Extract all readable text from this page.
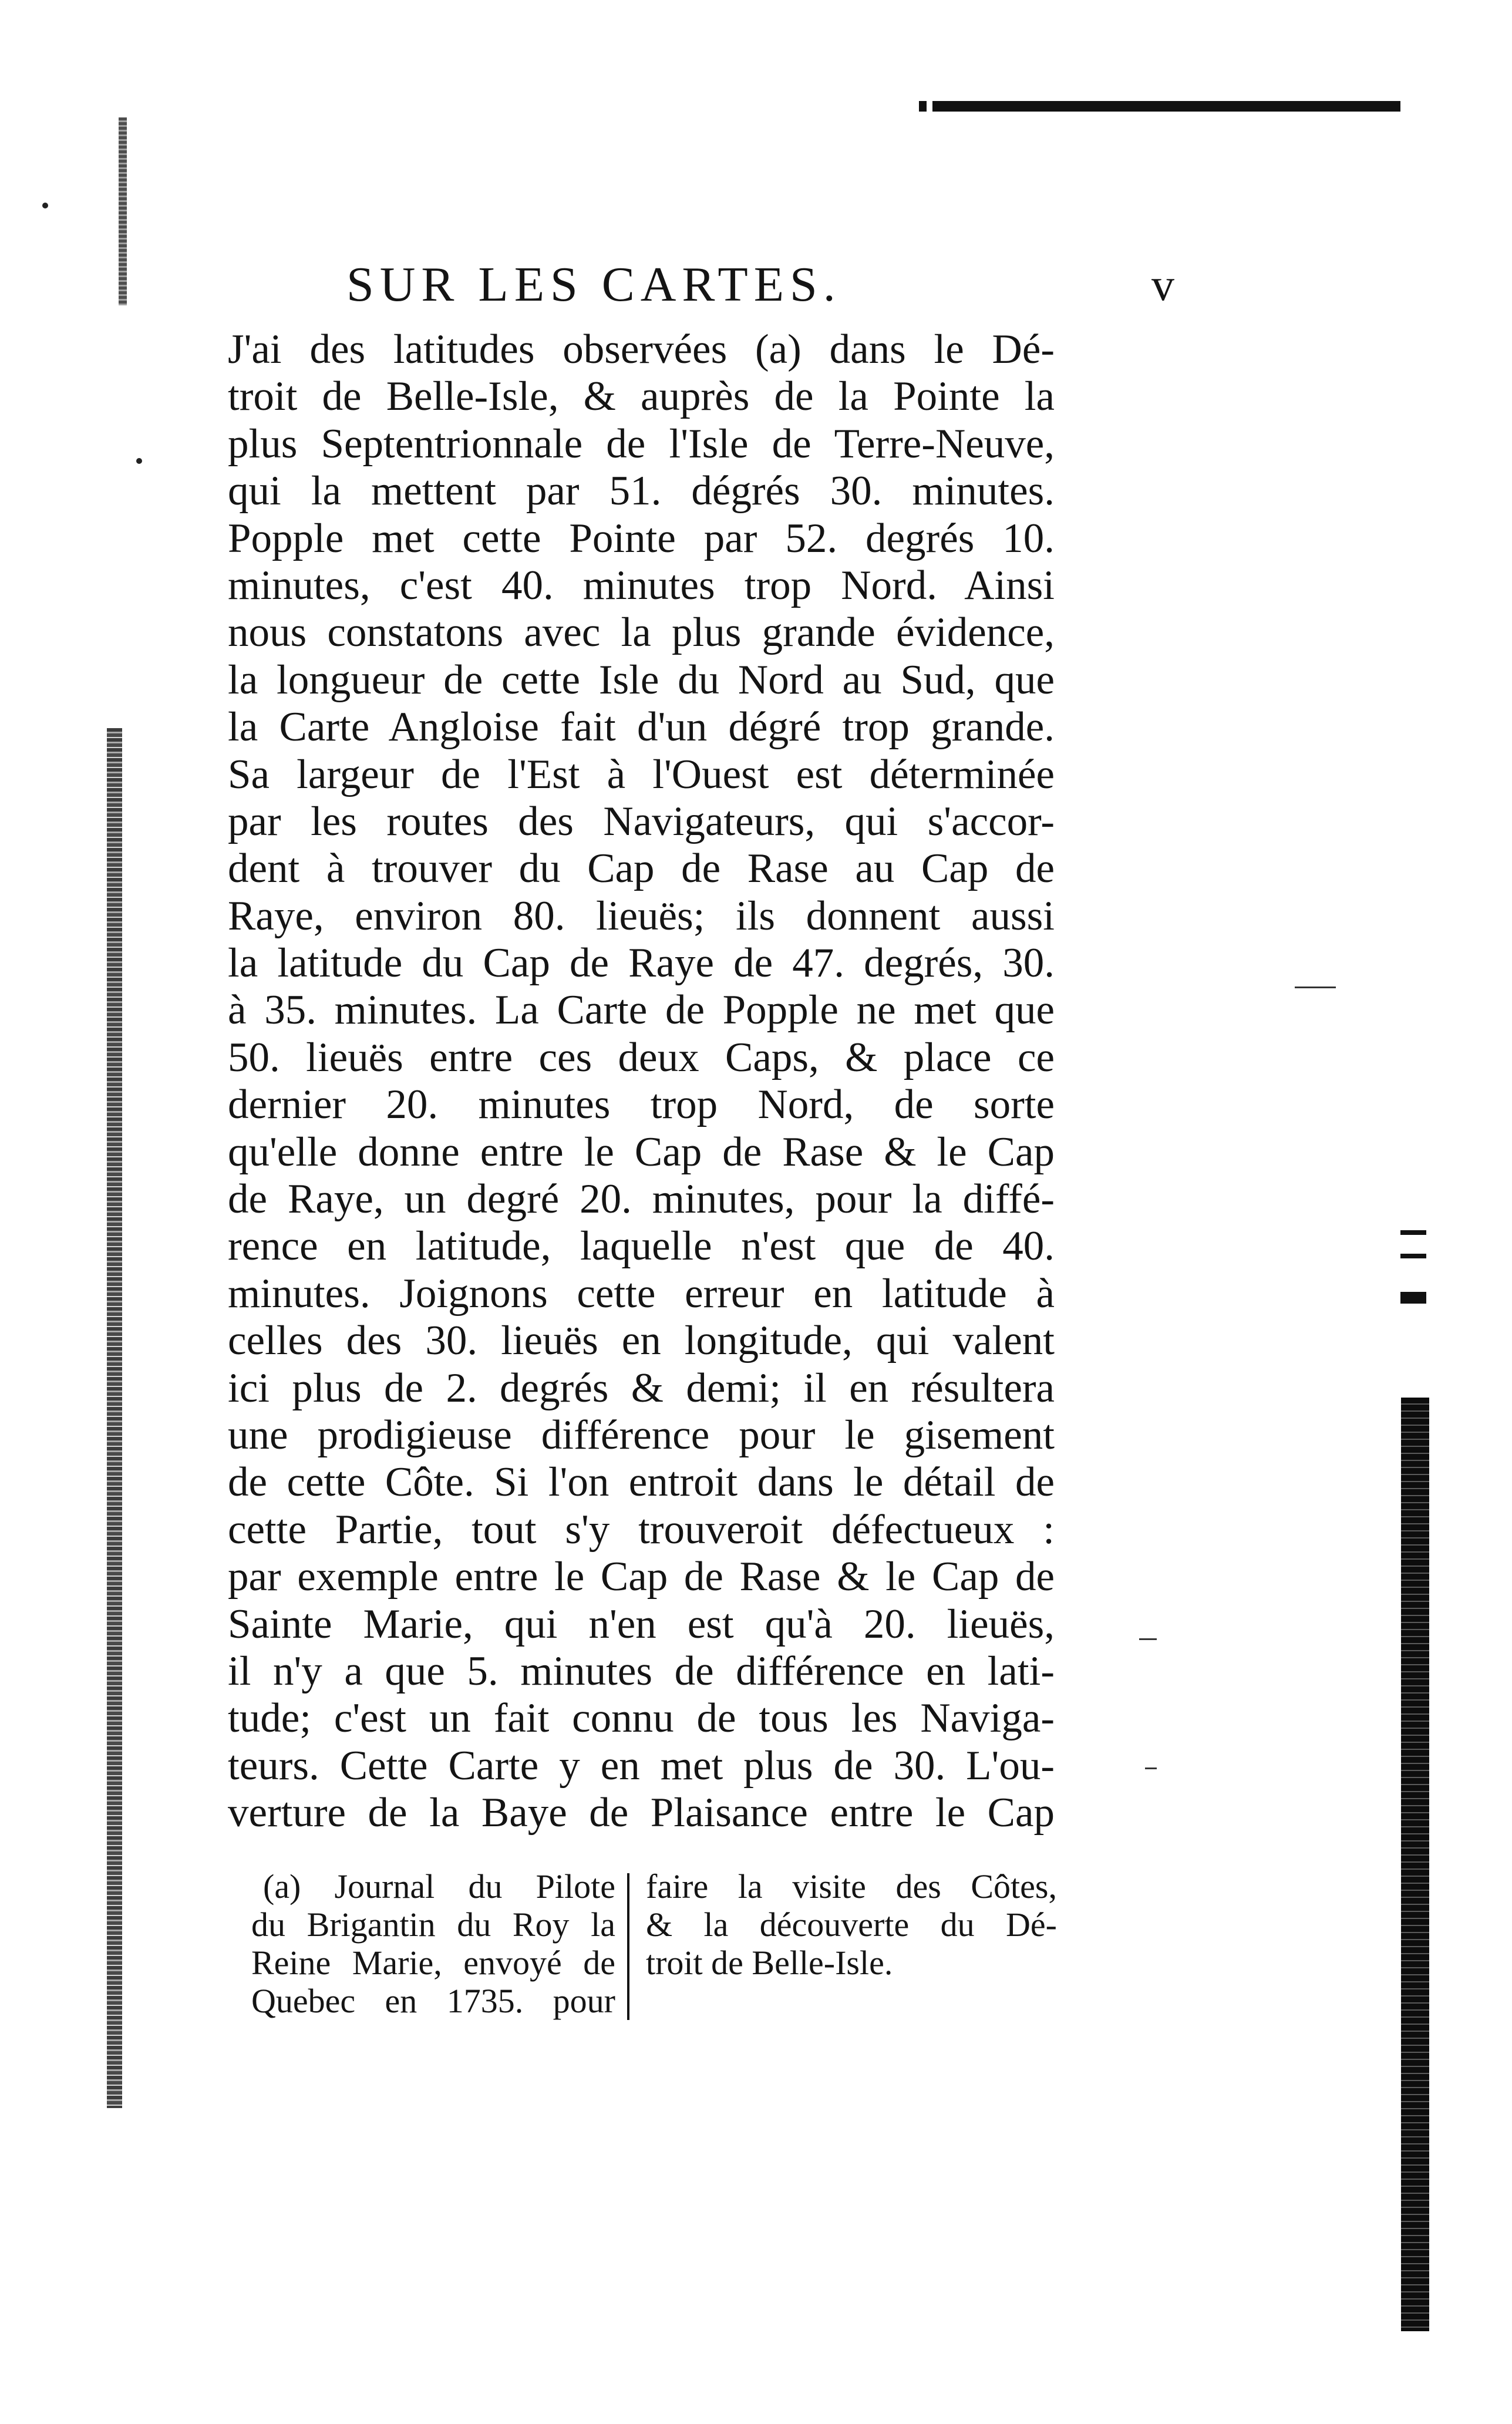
SUR LES CARTES.	v
J'ai des latitudes observées (a) dans le Dé-
troit de Belle-Isle, & auprès de la Pointe la
plus Septentrionnale de l'Isle de Terre-Neuve,
qui la mettent par 51. dégrés 30. minutes.
Popple met cette Pointe par 52. degrés 10.
minutes, c'est 40. minutes trop Nord. Ainsi
nous constatons avec la plus grande évidence,
la longueur de cette Isle du Nord au Sud, que
la Carte Angloise fait d'un dégré trop grande.
Sa largeur de l'Est à l'Ouest est déterminée
par les routes des Navigateurs, qui s'accor-
dent à trouver du Cap de Rase au Cap de
Raye, environ 80. lieuës; ils donnent aussi
la latitude du Cap de Raye de 47. degrés, 30.
à 35. minutes. La Carte de Popple ne met que
50. lieuës entre ces deux Caps, & place ce
dernier 20. minutes trop Nord, de sorte
qu'elle donne entre le Cap de Rase & le Cap
de Raye, un degré 20. minutes, pour la diffé-
rence en latitude, laquelle n'est que de 40.
minutes. Joignons cette erreur en latitude à
celles des 30. lieuës en longitude, qui valent
ici plus de 2. degrés & demi; il en résultera
une prodigieuse différence pour le gisement
de cette Côte. Si l'on entroit dans le détail de
cette Partie, tout s'y trouveroit défectueux :
par exemple entre le Cap de Rase & le Cap de
Sainte Marie, qui n'en est qu'à 20. lieuës,
il n'y a que 5. minutes de différence en lati-
tude; c'est un fait connu de tous les Naviga-
teurs. Cette Carte y en met plus de 30. L'ou-
verture de la Baye de Plaisance entre le Cap
(a) Journal du Pilote
du Brigantin du Roy la
Reine Marie, envoyé de
Quebec en 1735. pour
faire la visite des Côtes,
& la découverte du Dé-
troit de Belle-Isle.
